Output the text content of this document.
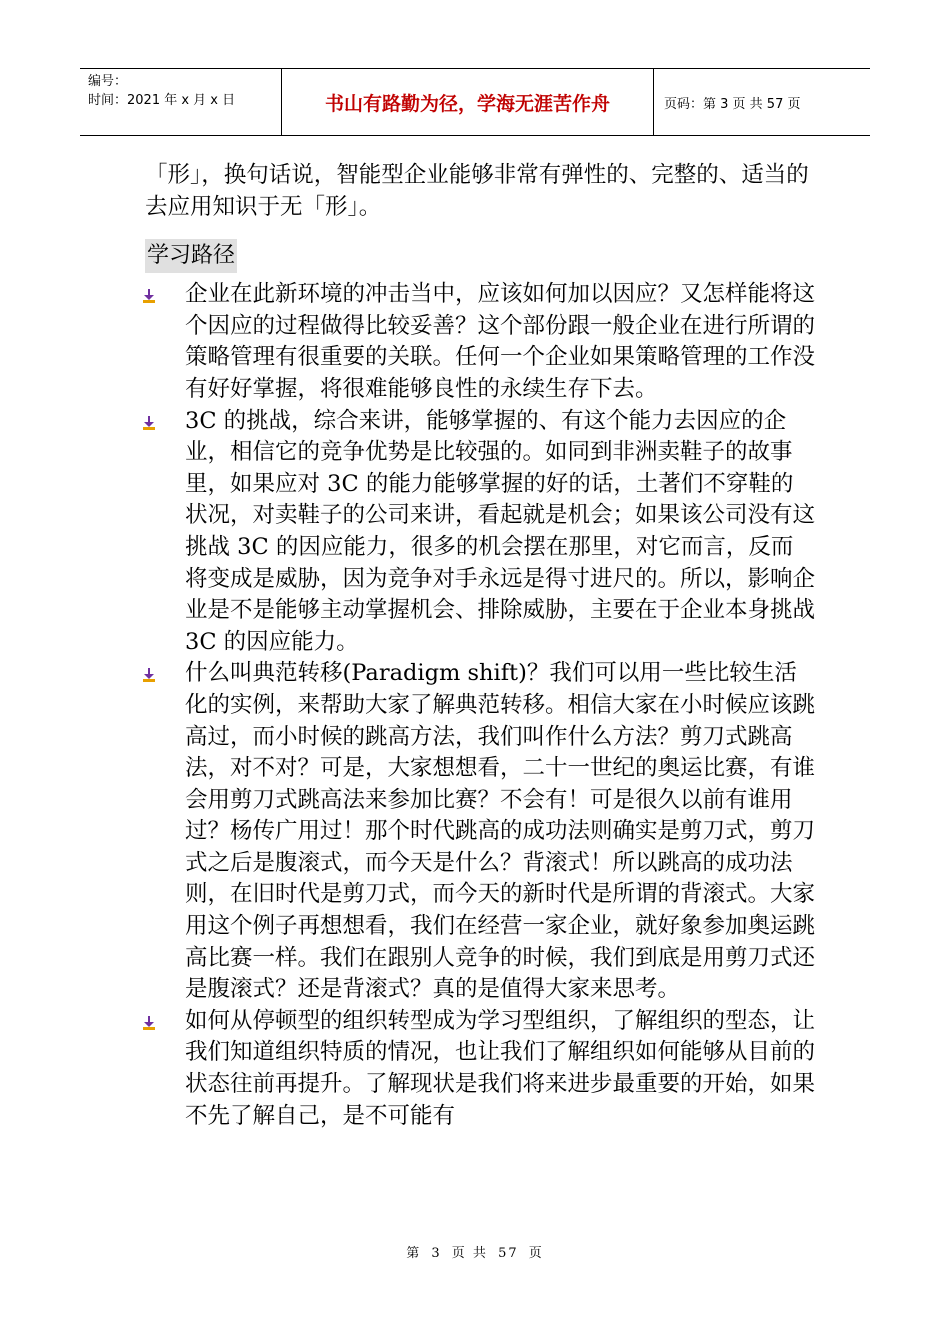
编号：
时间：2021 年 x 月 x 日	书山有路勤为径，学海无涯苦作舟	页码：第 3 页 共 57 页

「形」，换句话说，智能型企业能够非常有弹性的、完整的、适当的去应用知识于无「形」。

学习路径
企业在此新环境的冲击当中，应该如何加以因应？又怎样能将这个因应的过程做得比较妥善？这个部份跟一般企业在进行所谓的策略管理有很重要的关联。任何一个企业如果策略管理的工作没有好好掌握，将很难能够良性的永续生存下去。
3C 的挑战，综合来讲，能够掌握的、有这个能力去因应的企业，相信它的竞争优势是比较强的。如同到非洲卖鞋子的故事里，如果应对 3C 的能力能够掌握的好的话，土著们不穿鞋的状况，对卖鞋子的公司来讲，看起就是机会；如果该公司没有这挑战 3C 的因应能力，很多的机会摆在那里，对它而言，反而将变成是威胁，因为竞争对手永远是得寸进尺的。所以，影响企业是不是能够主动掌握机会、排除威胁，主要在于企业本身挑战 3C 的因应能力。
什么叫典范转移(Paradigm shift)？我们可以用一些比较生活化的实例，来帮助大家了解典范转移。相信大家在小时候应该跳高过，而小时候的跳高方法，我们叫作什么方法？剪刀式跳高法，对不对？可是，大家想想看，二十一世纪的奥运比赛，有谁会用剪刀式跳高法来参加比赛？不会有！可是很久以前有谁用过？杨传广用过！那个时代跳高的成功法则确实是剪刀式，剪刀式之后是腹滚式，而今天是什么？背滚式！所以跳高的成功法则，在旧时代是剪刀式，而今天的新时代是所谓的背滚式。大家用这个例子再想想看，我们在经营一家企业，就好象参加奥运跳高比赛一样。我们在跟别人竞争的时候，我们到底是用剪刀式还是腹滚式？还是背滚式？真的是值得大家来思考。
如何从停顿型的组织转型成为学习型组织，了解组织的型态，让我们知道组织特质的情况，也让我们了解组织如何能够从目前的状态往前再提升。了解现状是我们将来进步最重要的开始，如果不先了解自己，是不可能有
第 3 页 共 57 页
